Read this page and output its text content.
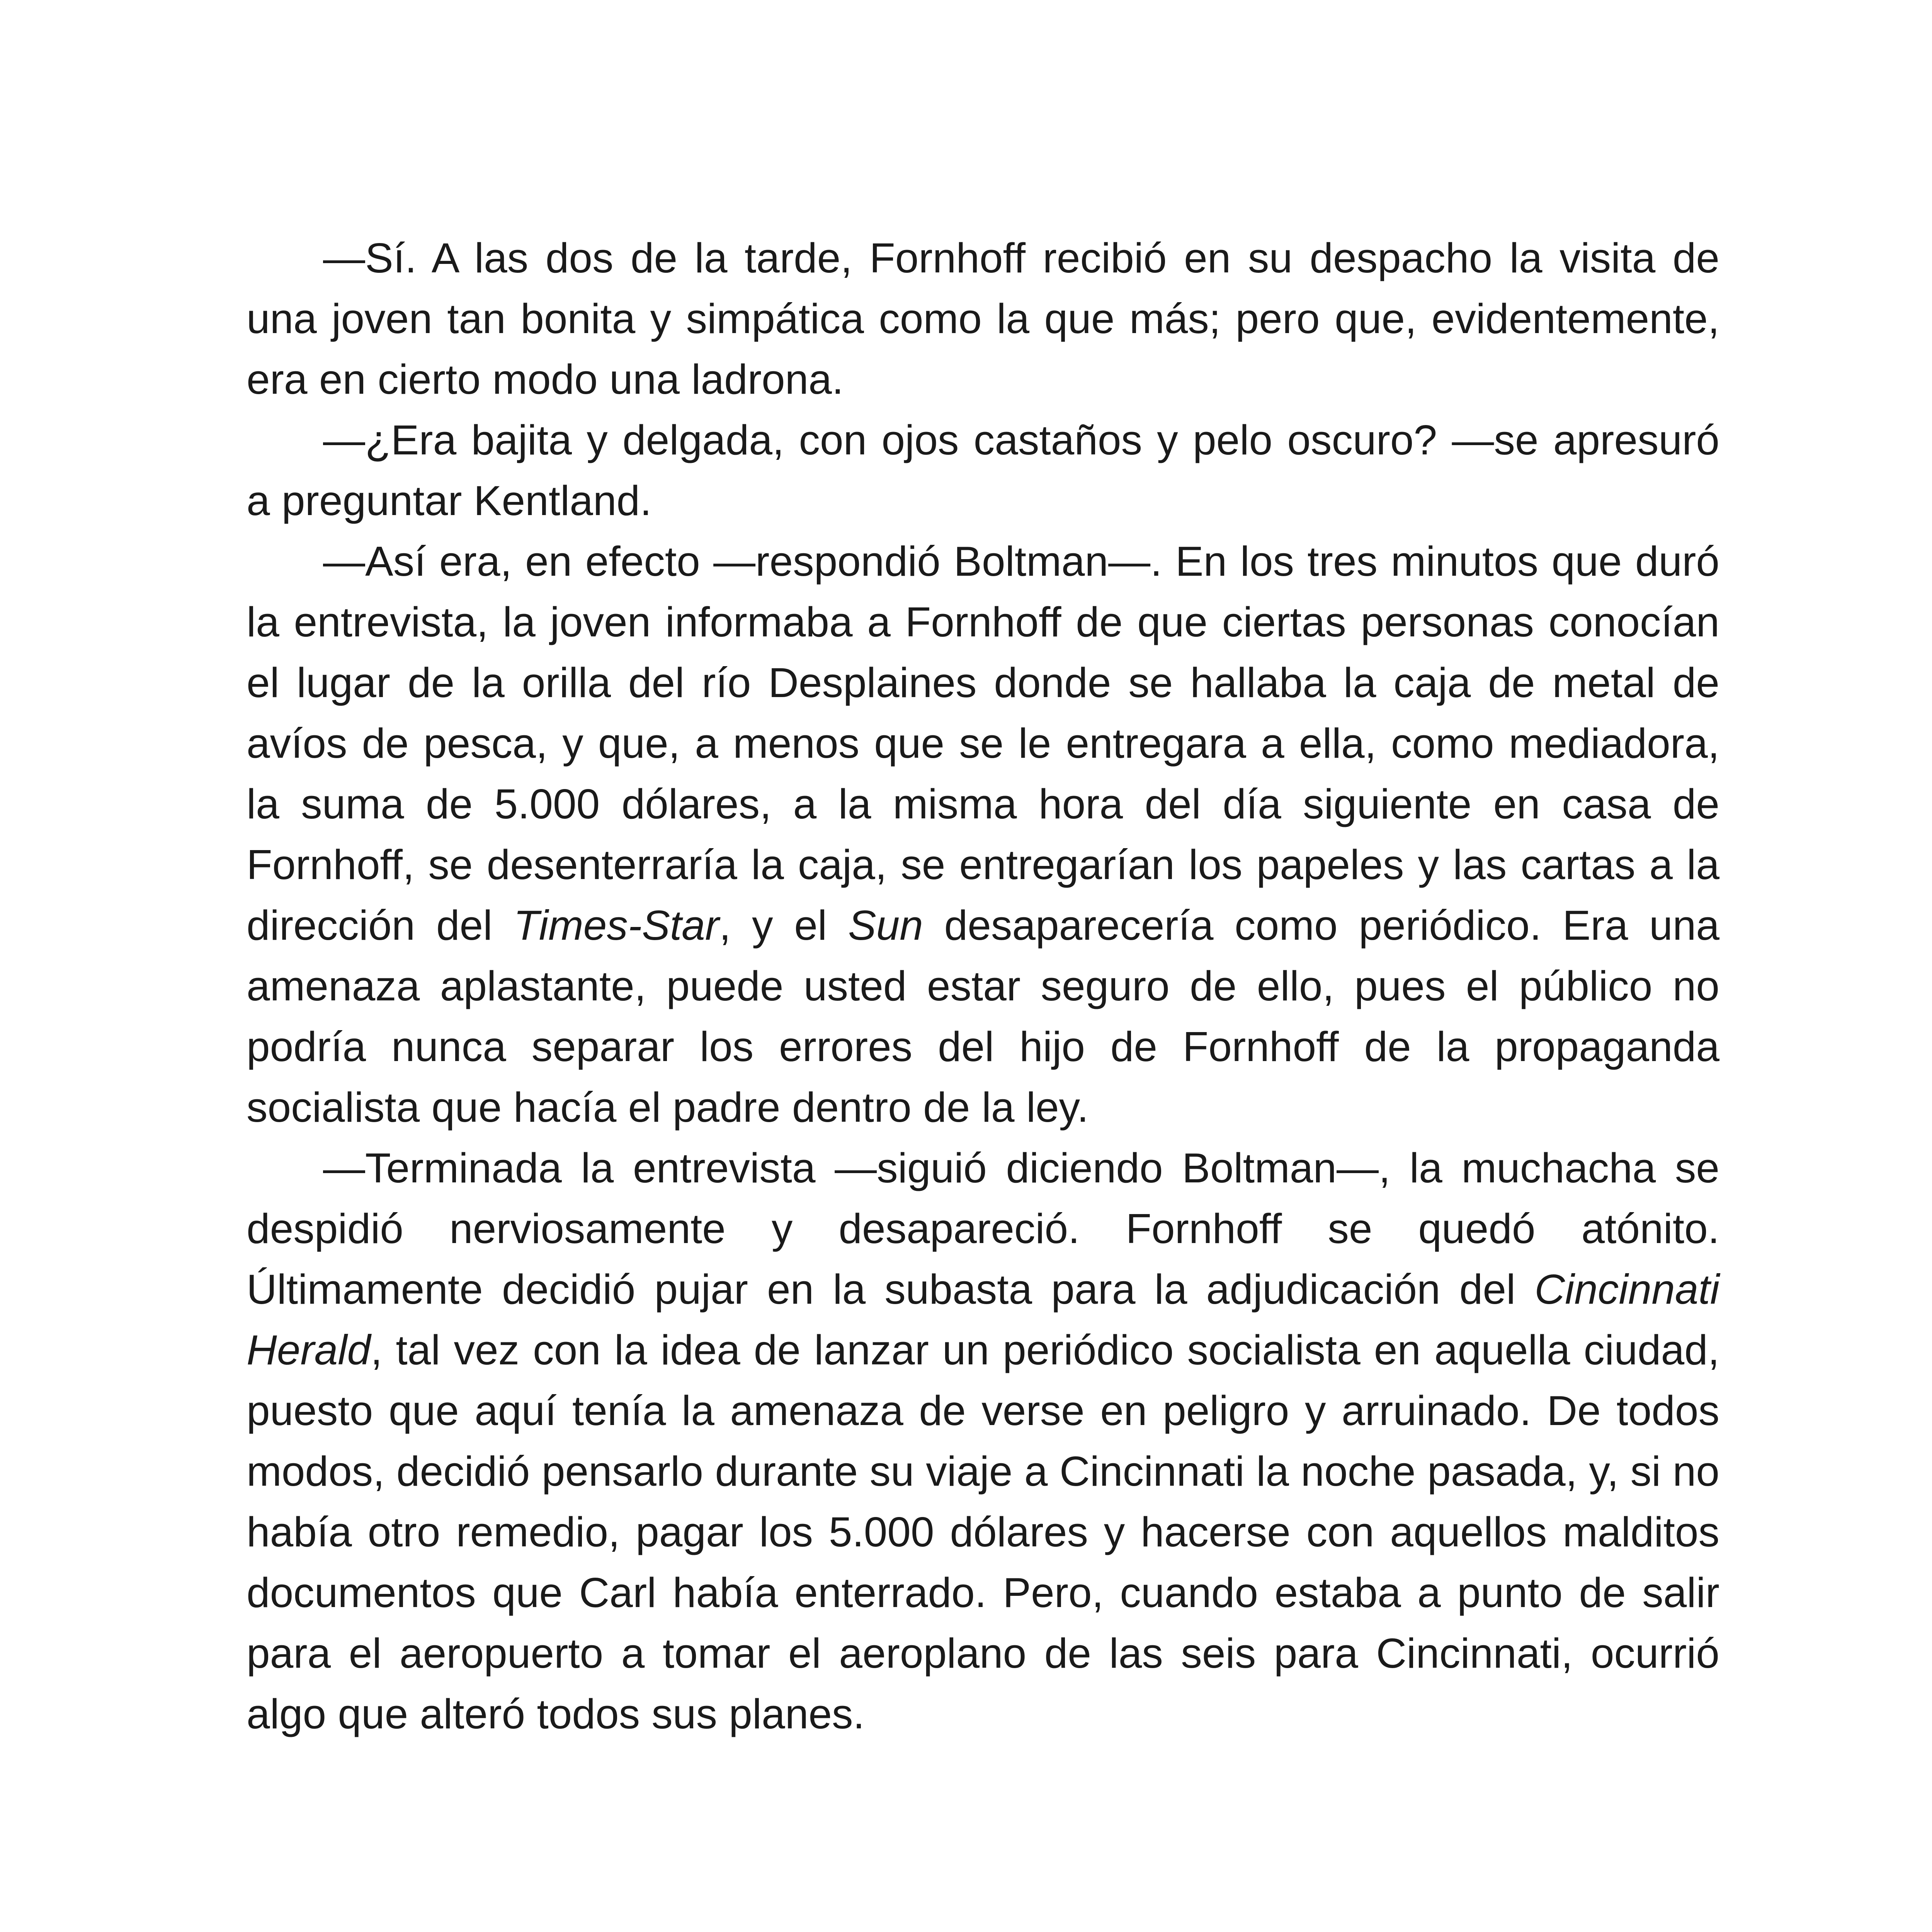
—Sí. A las dos de la tarde, Fornhoff recibió en su despacho la visita de una joven tan bonita y simpática como la que más; pero que, evidentemente, era en cierto modo una ladrona.

—¿Era bajita y delgada, con ojos castaños y pelo oscuro? —se apresuró a preguntar Kentland.

—Así era, en efecto —respondió Boltman—. En los tres minutos que duró la entrevista, la joven informaba a Fornhoff de que ciertas personas conocían el lugar de la orilla del río Desplaines donde se hallaba la caja de metal de avíos de pesca, y que, a menos que se le entregara a ella, como mediadora, la suma de 5.000 dólares, a la misma hora del día siguiente en casa de Fornhoff, se desenterraría la caja, se entregarían los papeles y las cartas a la dirección del Times-Star, y el Sun desaparecería como periódico. Era una amenaza aplastante, puede usted estar seguro de ello, pues el público no podría nunca separar los errores del hijo de Fornhoff de la propaganda socialista que hacía el padre dentro de la ley.

—Terminada la entrevista —siguió diciendo Boltman—, la muchacha se despidió nerviosamente y desapareció. Fornhoff se quedó atónito. Últimamente decidió pujar en la subasta para la adjudicación del Cincinnati Herald, tal vez con la idea de lanzar un periódico socialista en aquella ciudad, puesto que aquí tenía la amenaza de verse en peligro y arruinado. De todos modos, decidió pensarlo durante su viaje a Cincinnati la noche pasada, y, si no había otro remedio, pagar los 5.000 dólares y hacerse con aquellos malditos documentos que Carl había enterrado. Pero, cuando estaba a punto de salir para el aeropuerto a tomar el aeroplano de las seis para Cincinnati, ocurrió algo que alteró todos sus planes.
